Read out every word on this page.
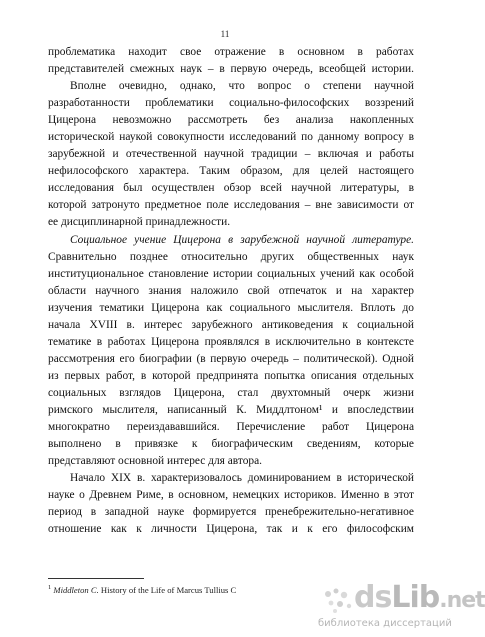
11
проблематика находит свое отражение в основном в работах
представителей смежных наук – в первую очередь, всеобщей истории.
Вполне очевидно, однако, что вопрос о степени научной
разработанности проблематики социально-философских воззрений
Цицерона невозможно рассмотреть без анализа накопленных
исторической наукой совокупности исследований по данному вопросу в
зарубежной и отечественной научной традиции – включая и работы
нефилософского характера. Таким образом, для целей настоящего
исследования был осуществлен обзор всей научной литературы, в
которой затронуто предметное поле исследования – вне зависимости от
ее дисциплинарной принадлежности.
Социальное учение Цицерона в зарубежной научной литературе.
Сравнительно позднее относительно других общественных наук
институциональное становление истории социальных учений как особой
области научного знания наложило свой отпечаток и на характер
изучения тематики Цицерона как социального мыслителя. Вплоть до
начала XVIII в. интерес зарубежного антиковедения к социальной
тематике в работах Цицерона проявлялся в исключительно в контексте
рассмотрения его биографии (в первую очередь – политической). Одной
из первых работ, в которой предпринята попытка описания отдельных
социальных взглядов Цицерона, стал двухтомный очерк жизни
римского мыслителя, написанный К. Миддлтоном¹ и впоследствии
многократно переиздававшийся. Перечисление работ Цицерона
выполнено в привязке к биографическим сведениям, которые
представляют основной интерес для автора.
Начало XIX в. характеризовалось доминированием в исторической
науке о Древнем Риме, в основном, немецких историков. Именно в этот
период в западной науке формируется пренебрежительно-негативное
отношение как к личности Цицерона, так и к его философским
$^1$ Middleton C. History of the Life of Marcus Tullius C	dsLib.net
библиотека диссертаций
